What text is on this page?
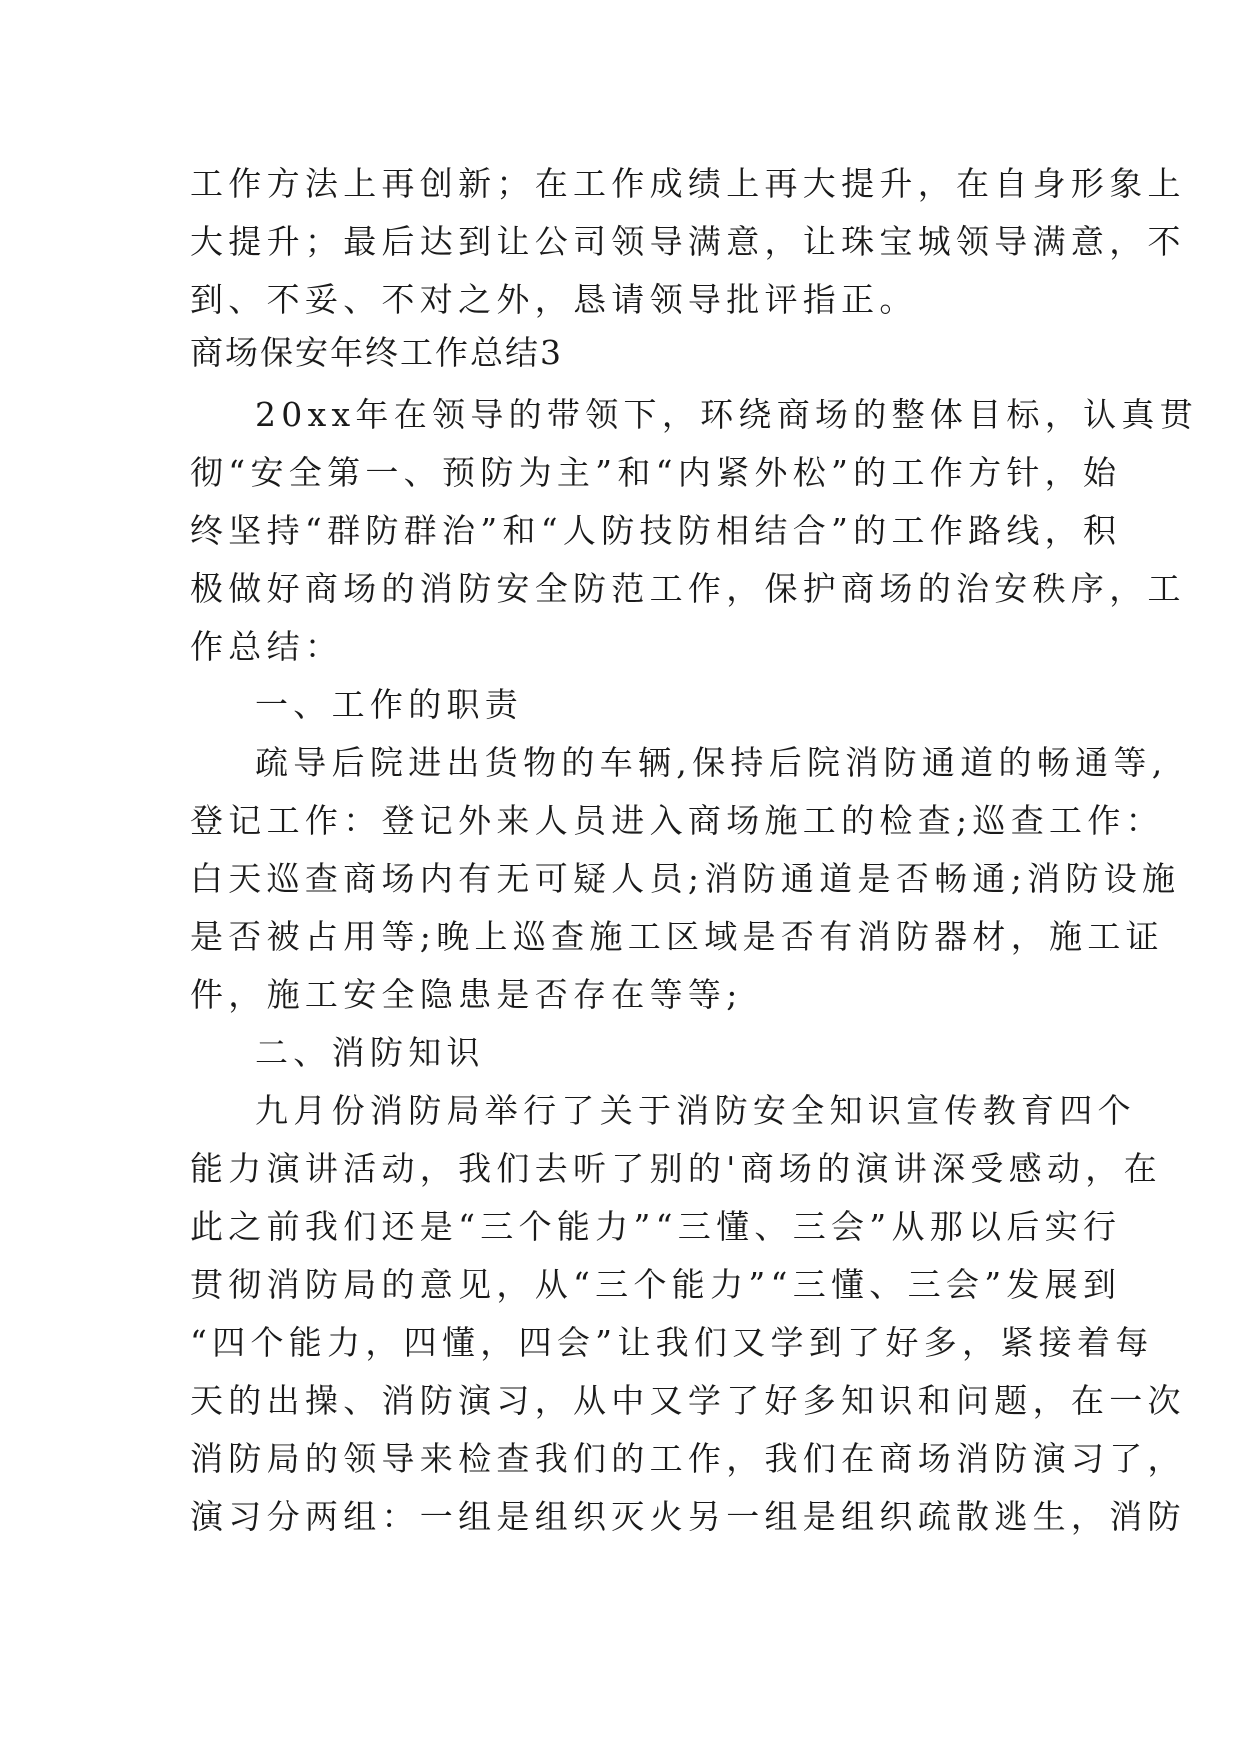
工作方法上再创新；在工作成绩上再大提升，在自身形象上
大提升；最后达到让公司领导满意，让珠宝城领导满意，不
到、不妥、不对之外，恳请领导批评指正。
商场保安年终工作总结3
20xx年在领导的带领下，环绕商场的整体目标，认真贯
彻“安全第一、预防为主”和“内紧外松”的工作方针，始
终坚持“群防群治”和“人防技防相结合”的工作路线，积
极做好商场的消防安全防范工作，保护商场的治安秩序，工
作总结：
一、工作的职责
疏导后院进出货物的车辆,保持后院消防通道的畅通等,
登记工作：登记外来人员进入商场施工的检查;巡查工作：
白天巡查商场内有无可疑人员;消防通道是否畅通;消防设施
是否被占用等;晚上巡查施工区域是否有消防器材，施工证
件，施工安全隐患是否存在等等;
二、消防知识
九月份消防局举行了关于消防安全知识宣传教育四个
能力演讲活动，我们去听了别的'商场的演讲深受感动，在
此之前我们还是“三个能力”“三懂、三会”从那以后实行
贯彻消防局的意见，从“三个能力”“三懂、三会”发展到
“四个能力，四懂，四会”让我们又学到了好多，紧接着每
天的出操、消防演习，从中又学了好多知识和问题，在一次
消防局的领导来检查我们的工作，我们在商场消防演习了，
演习分两组：一组是组织灭火另一组是组织疏散逃生，消防
